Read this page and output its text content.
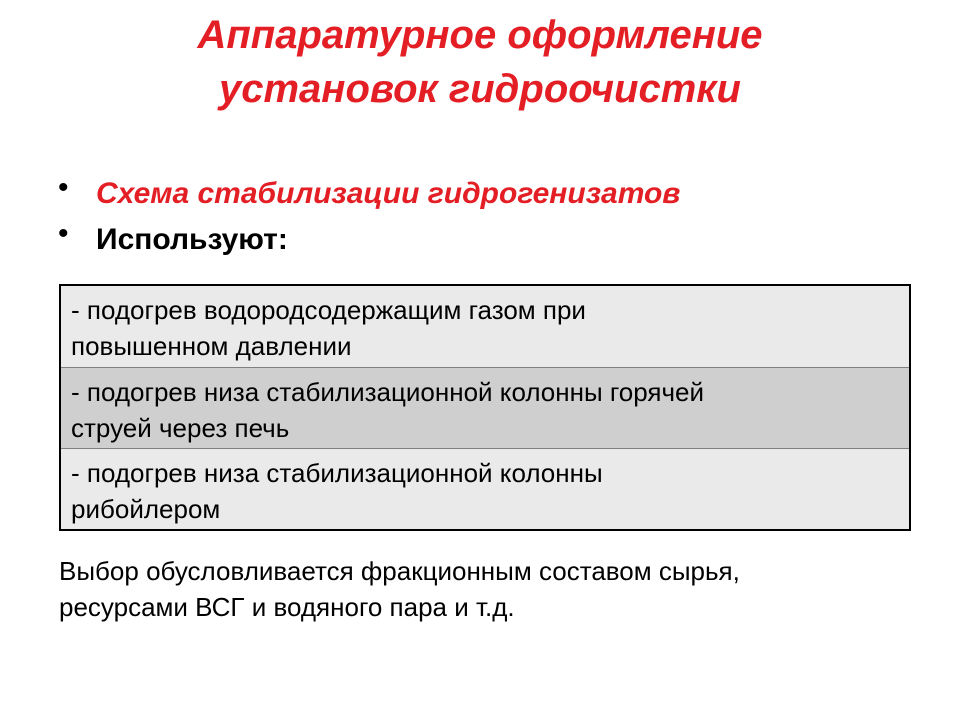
Аппаратурное оформление
установок гидроочистки
• Схема стабилизации гидрогенизатов
• Используют:
- подогрев водородсодержащим газом при
повышенном давлении
- подогрев низа стабилизационной колонны горячей
струей через печь
- подогрев низа стабилизационной колонны
рибойлером
Выбор обусловливается фракционным составом сырья,
ресурсами ВСГ и водяного пара и т.д.
